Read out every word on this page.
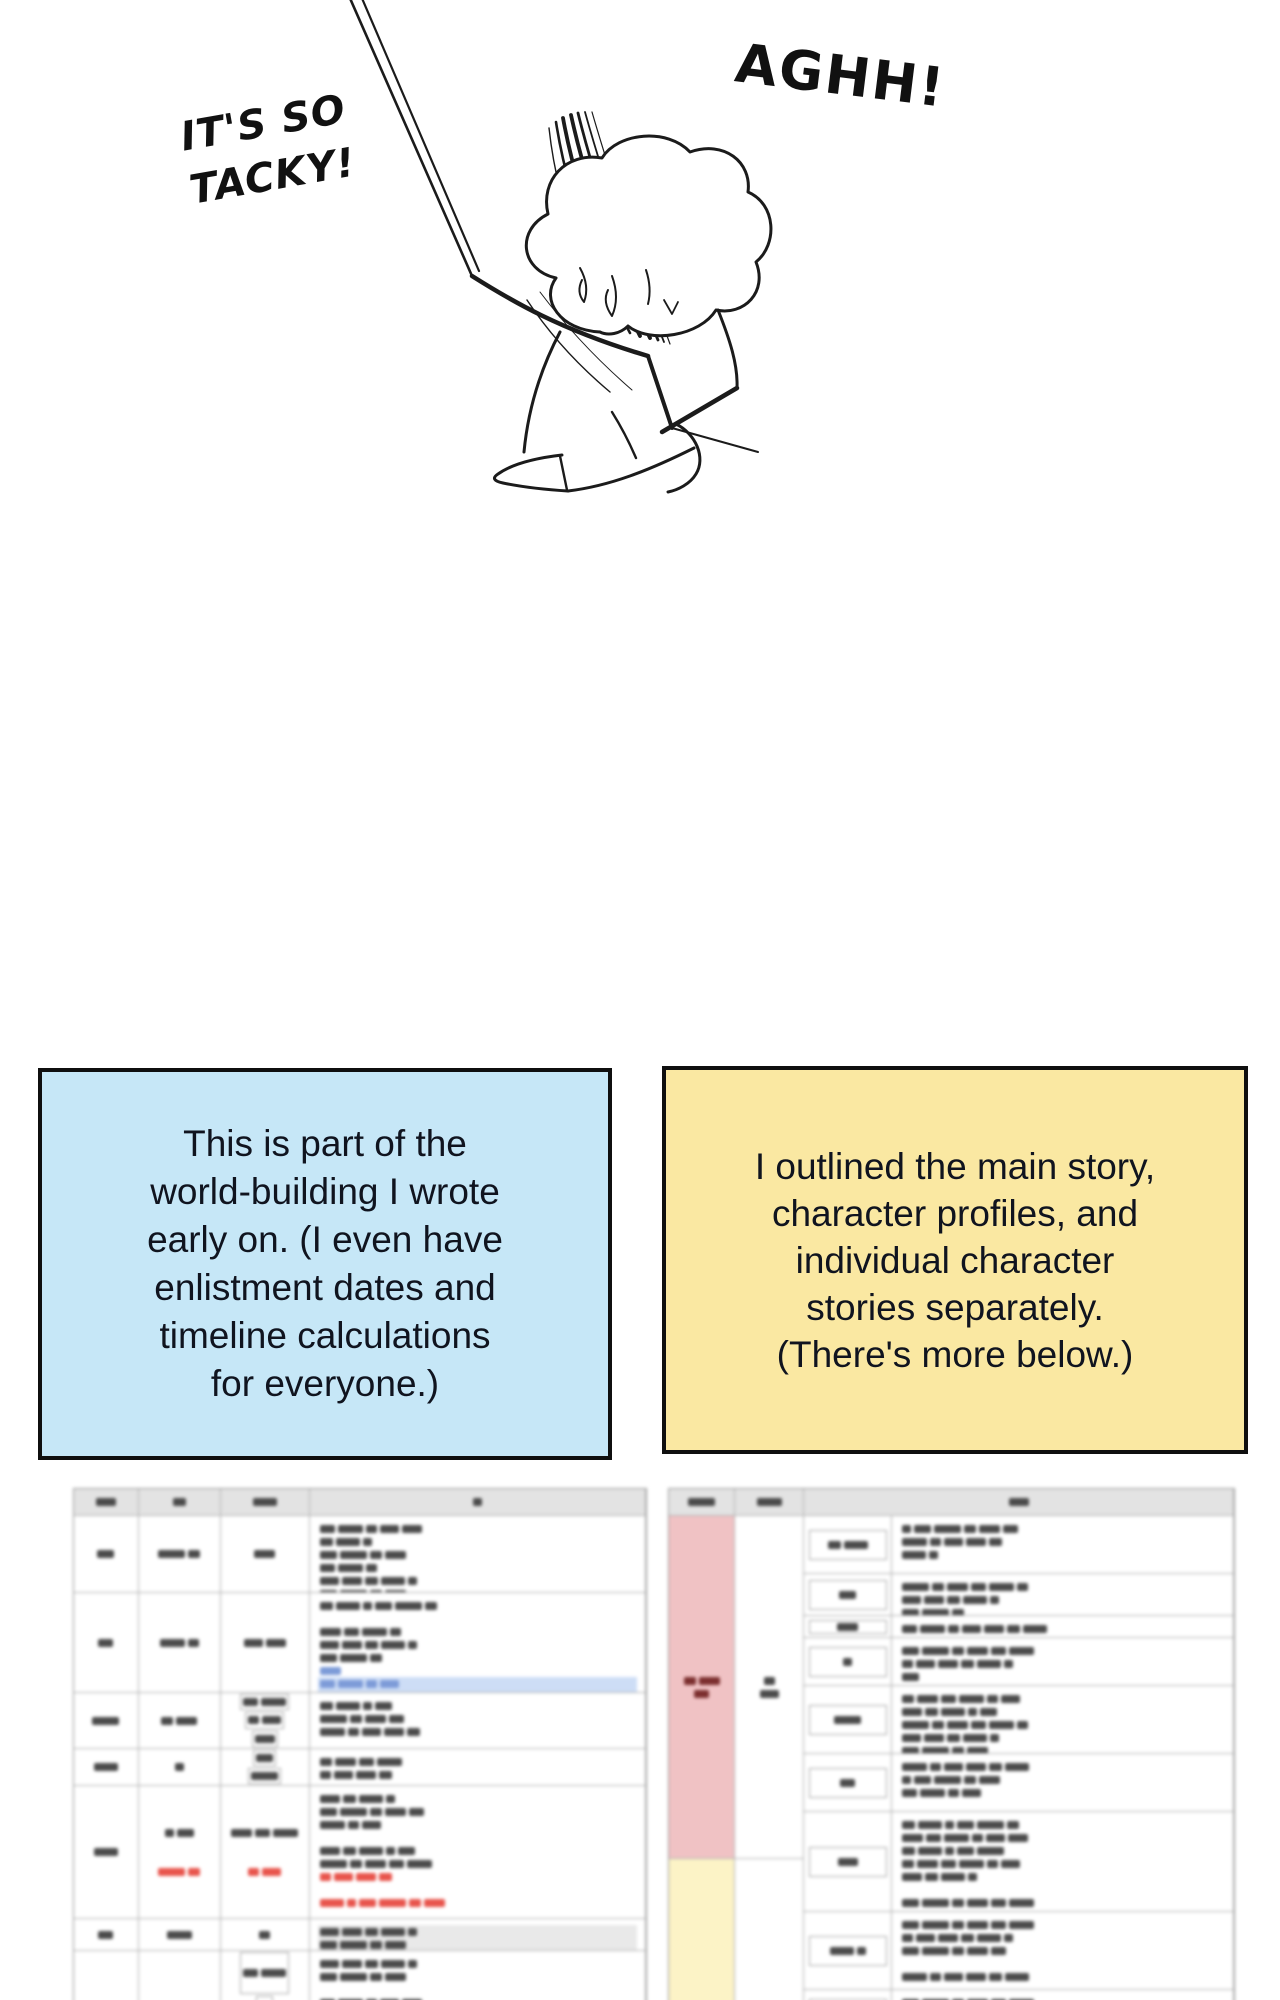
IT'S SO
TACKY!
AGHH!
This is part of the
world-building I wrote
early on. (I even have
enlistment dates and
timeline calculations
for everyone.)
I outlined the main story,
character profiles, and
individual character
stories separately.
(There's more below.)
